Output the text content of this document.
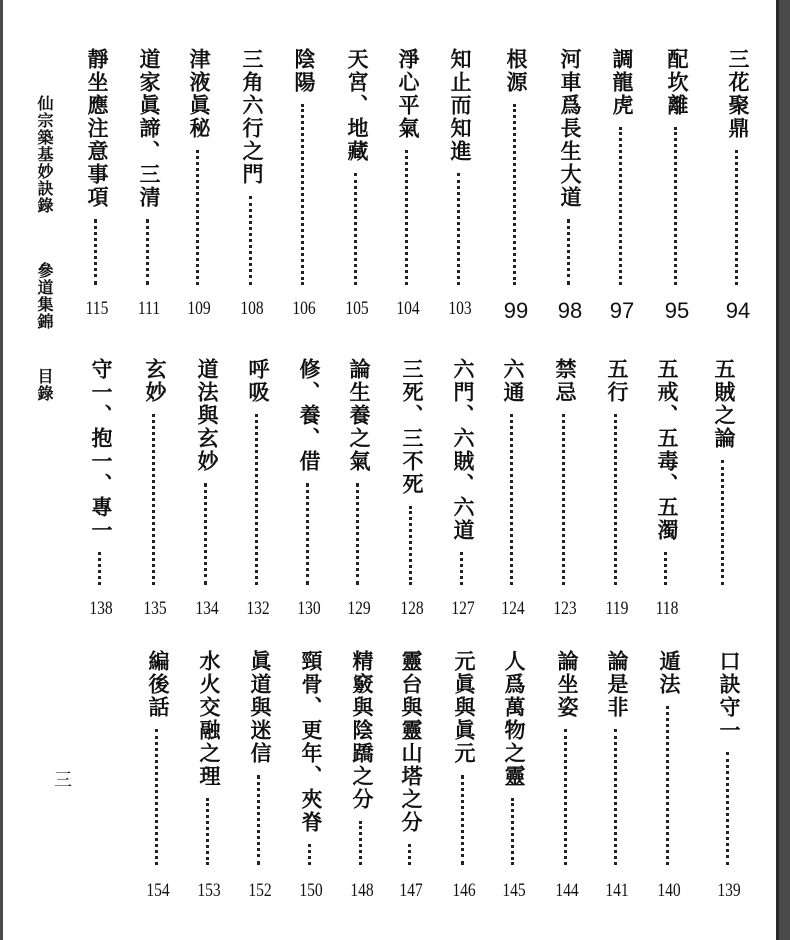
仙宗築基妙訣錄
參道集錦
目錄
三
三花聚鼎
94
配坎離
95
調龍虎
97
河車爲長生大道
98
根源
99
知止而知進
103
淨心平氣
104
天宮、地藏
105
陰陽
106
三角六行之門
108
津液眞秘
109
道家眞諦、三清
111
靜坐應注意事項
115
五賊之論
五戒、五毒、五濁
118
五行
119
禁忌
123
六通
124
六門、六賊、六道
127
三死、三不死
128
論生養之氣
129
修、養、借
130
呼吸
132
道法與玄妙
134
玄妙
135
守一、抱一、專一
138
口訣守一
139
遁法
140
論是非
141
論坐姿
144
人爲萬物之靈
145
元眞與眞元
146
靈台與靈山塔之分
147
精竅與陰蹻之分
148
頸骨、更年、夾脊
150
眞道與迷信
152
水火交融之理
153
編後話
154
